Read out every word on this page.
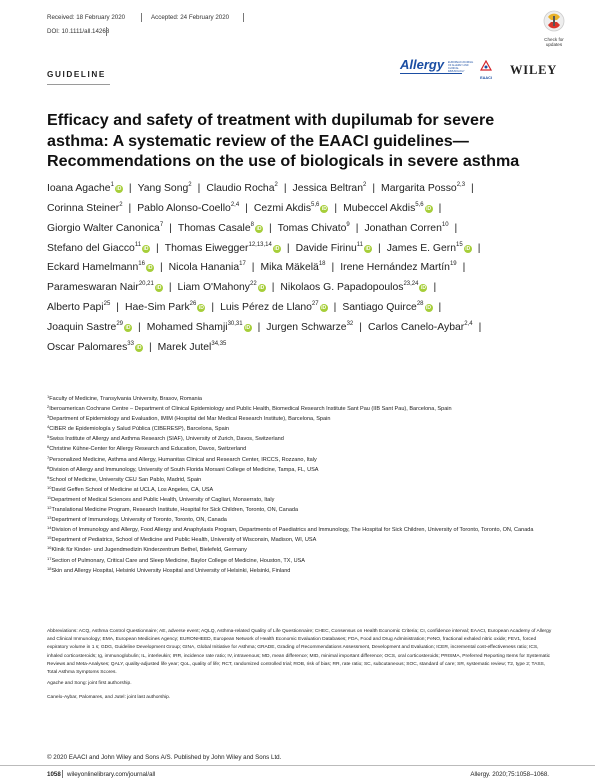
Received: 18 February 2020	Accepted: 24 February 2020
DOI: 10.1111/all.14268
Check for
updates
Allergy	EUROPEAN JOURNAL OF ALLERGY AND CLINICAL IMMUNOLOGY
EAACI
WILEY
GUIDELINE
Efficacy and safety of treatment with dupilumab for severe
asthma: A systematic review of the EAACI guidelines—
Recommendations on the use of biologicals in severe asthma
Ioana Agache$^1$iD | Yang Song$^2$ | Claudio Rocha$^2$ | Jessica Beltran$^2$ | Margarita Posso$^{2,3}$ |
Corinna Steiner$^2$ | Pablo Alonso-Coello$^{2,4}$ | Cezmi Akdis$^{5,6}$iD | Mubeccel Akdis$^{5,6}$iD |
Giorgio Walter Canonica$^7$ | Thomas Casale$^8$iD | Tomas Chivato$^9$ | Jonathan Corren$^{10}$ |
Stefano del Giacco$^{11}$iD | Thomas Eiwegger$^{12,13,14}$iD | Davide Firinu$^{11}$iD | James E. Gern$^{15}$iD |
Eckard Hamelmann$^{16}$iD | Nicola Hanania$^{17}$ | Mika Mäkelä$^{18}$ | Irene Hernández Martín$^{19}$ |
Parameswaran Nair$^{20,21}$iD | Liam O'Mahony$^{22}$iD | Nikolaos G. Papadopoulos$^{23,24}$iD |
Alberto Papi$^{25}$ | Hae-Sim Park$^{26}$iD | Luis Pérez de Llano$^{27}$iD | Santiago Quirce$^{28}$iD |
Joaquin Sastre$^{29}$iD | Mohamed Shamji$^{30,31}$iD | Jurgen Schwarze$^{32}$ | Carlos Canelo-Aybar$^{2,4}$ |
Oscar Palomares$^{33}$iD | Marek Jutel$^{34,35}$
$^1$Faculty of Medicine, Transylvania University, Brasov, Romania
$^2$Iberoamerican Cochrane Centre – Department of Clinical Epidemiology and Public Health, Biomedical Research Institute Sant Pau (IIB Sant Pau), Barcelona, Spain
$^3$Department of Epidemiology and Evaluation, IMIM (Hospital del Mar Medical Research Institute), Barcelona, Spain
$^4$CIBER de Epidemiología y Salud Pública (CIBERESP), Barcelona, Spain
$^5$Swiss Institute of Allergy and Asthma Research (SIAF), University of Zurich, Davos, Switzerland
$^6$Christine Kühne-Center for Allergy Research and Education, Davos, Switzerland
$^7$Personalized Medicine, Asthma and Allergy, Humanitas Clinical and Research Center, IRCCS, Rozzano, Italy
$^8$Division of Allergy and Immunology, University of South Florida Morsani College of Medicine, Tampa, FL, USA
$^9$School of Medicine, University CEU San Pablo, Madrid, Spain
$^{10}$David Geffen School of Medicine at UCLA, Los Angeles, CA, USA
$^{11}$Department of Medical Sciences and Public Health, University of Cagliari, Monserrato, Italy
$^{12}$Translational Medicine Program, Research Institute, Hospital for Sick Children, Toronto, ON, Canada
$^{13}$Department of Immunology, University of Toronto, Toronto, ON, Canada
$^{14}$Division of Immunology and Allergy, Food Allergy and Anaphylaxis Program, Departments of Paediatrics and Immunology, The Hospital for Sick Children, University of Toronto, Toronto, ON, Canada
$^{15}$Department of Pediatrics, School of Medicine and Public Health, University of Wisconsin, Madison, WI, USA
$^{16}$Klinik für Kinder- und Jugendmedizin Kinderzentrum Bethel, Bielefeld, Germany
$^{17}$Section of Pulmonary, Critical Care and Sleep Medicine, Baylor College of Medicine, Houston, TX, USA
$^{18}$Skin and Allergy Hospital, Helsinki University Hospital and University of Helsinki, Helsinki, Finland
Abbreviations: ACQ, Asthma Control Questionnaire; AE, adverse event; AQLQ, Asthma-related Quality of Life Questionnaire; CHEC, Consensus on Health Economic Criteria; CI, confidence interval; EAACI, European Academy of Allergy and Clinical Immunology; EMA, European Medicines Agency; EURONHEED, European Network of Health Economic Evaluation Databases; FDA, Food and Drug Administration; FeNO, fractional exhaled nitric oxide; FEV1, forced expiratory volume in 1 s; GDG, Guideline Development Group; GINA, Global Initiative for Asthma; GRADE, Grading of Recommendations Assessment, Development and Evaluation; ICER, incremental cost-effectiveness ratio; ICS, inhaled corticosteroids; Ig, immunoglobulin; IL, interleukin; IRR, incidence rate ratio; IV, intravenous; MD, mean difference; MID, minimal important difference; OCS, oral corticosteroids; PRISMA, Preferred Reporting Items for Systematic Reviews and Meta-Analyses; QALY, quality-adjusted life year; QoL, quality of life; RCT, randomized controlled trial; ROB, risk of bias; RR, rate ratio; SC, subcutaneous; SOC, standard of care; SR, systematic review; T2, type 2; TASS, Total Asthma Symptoms Scores.
Agache and Song: joint first authorship.
Canelo-Aybar, Palomares, and Jutel: joint last authorship.
© 2020 EAACI and John Wiley and Sons A/S. Published by John Wiley and Sons Ltd.
1058 wileyonlinelibrary.com/journal/all	Allergy. 2020;75:1058–1068.
